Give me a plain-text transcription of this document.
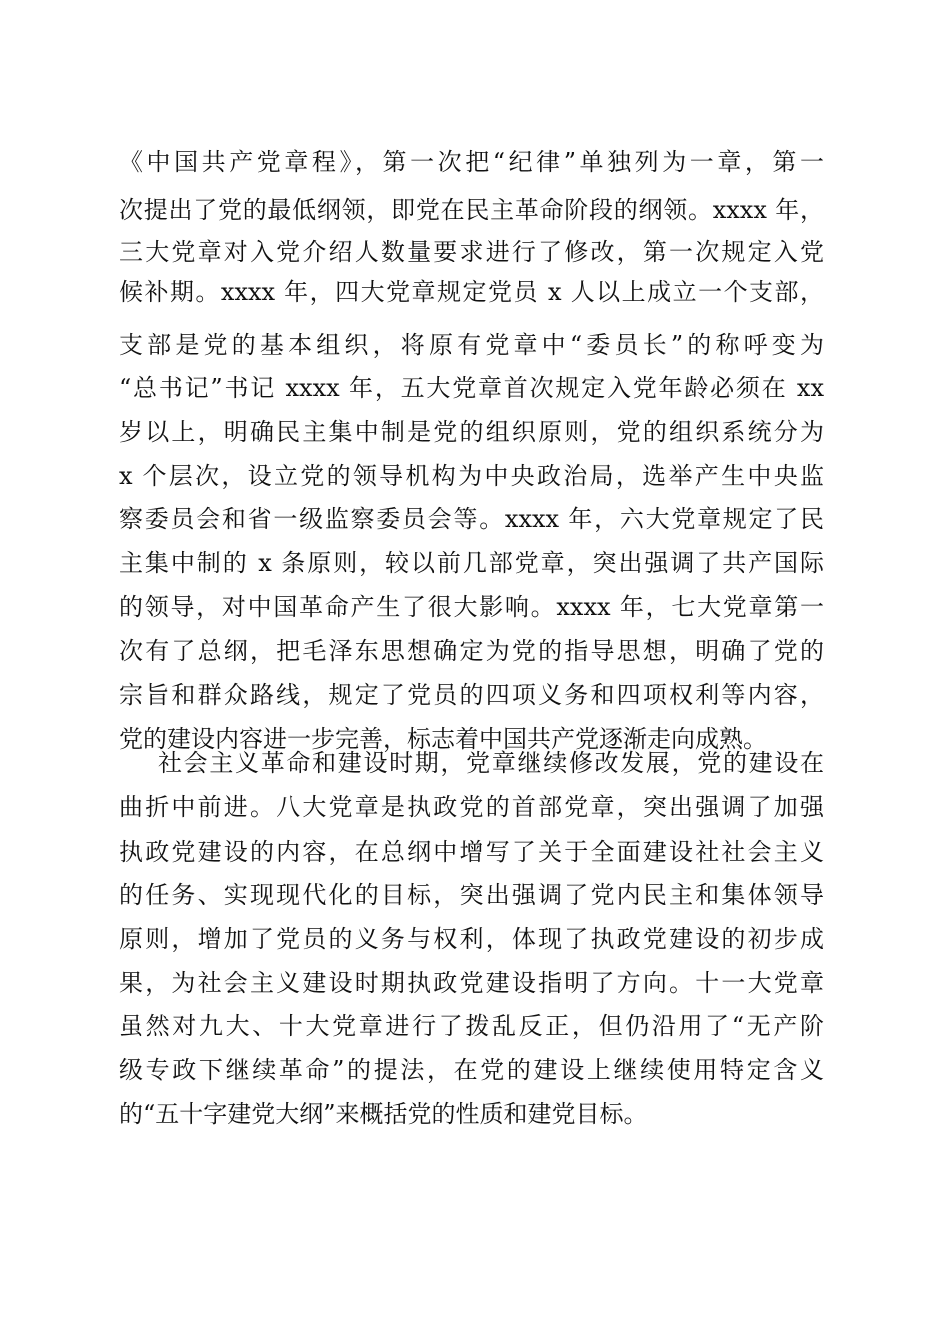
《中国共产党章程》，第一次把“纪律”单独列为一章，第一
次提出了党的最低纲领，即党在民主革命阶段的纲领。xxxx 年，
三大党章对入党介绍人数量要求进行了修改，第一次规定入党
候补期。xxxx 年，四大党章规定党员 x 人以上成立一个支部，
支部是党的基本组织，将原有党章中“委员长”的称呼变为
“总书记”书记 xxxx 年，五大党章首次规定入党年龄必须在 xx
岁以上，明确民主集中制是党的组织原则，党的组织系统分为
x 个层次，设立党的领导机构为中央政治局，选举产生中央监
察委员会和省一级监察委员会等。xxxx 年，六大党章规定了民
主集中制的 x 条原则，较以前几部党章，突出强调了共产国际
的领导，对中国革命产生了很大影响。xxxx 年，七大党章第一
次有了总纲，把毛泽东思想确定为党的指导思想，明确了党的
宗旨和群众路线，规定了党员的四项义务和四项权利等内容，
党的建设内容进一步完善，标志着中国共产党逐渐走向成熟。
社会主义革命和建设时期，党章继续修改发展，党的建设在
曲折中前进。八大党章是执政党的首部党章，突出强调了加强
执政党建设的内容，在总纲中增写了关于全面建设社社会主义
的任务、实现现代化的目标，突出强调了党内民主和集体领导
原则，增加了党员的义务与权利，体现了执政党建设的初步成
果，为社会主义建设时期执政党建设指明了方向。十一大党章
虽然对九大、十大党章进行了拨乱反正，但仍沿用了“无产阶
级专政下继续革命”的提法，在党的建设上继续使用特定含义
的“五十字建党大纲”来概括党的性质和建党目标。
